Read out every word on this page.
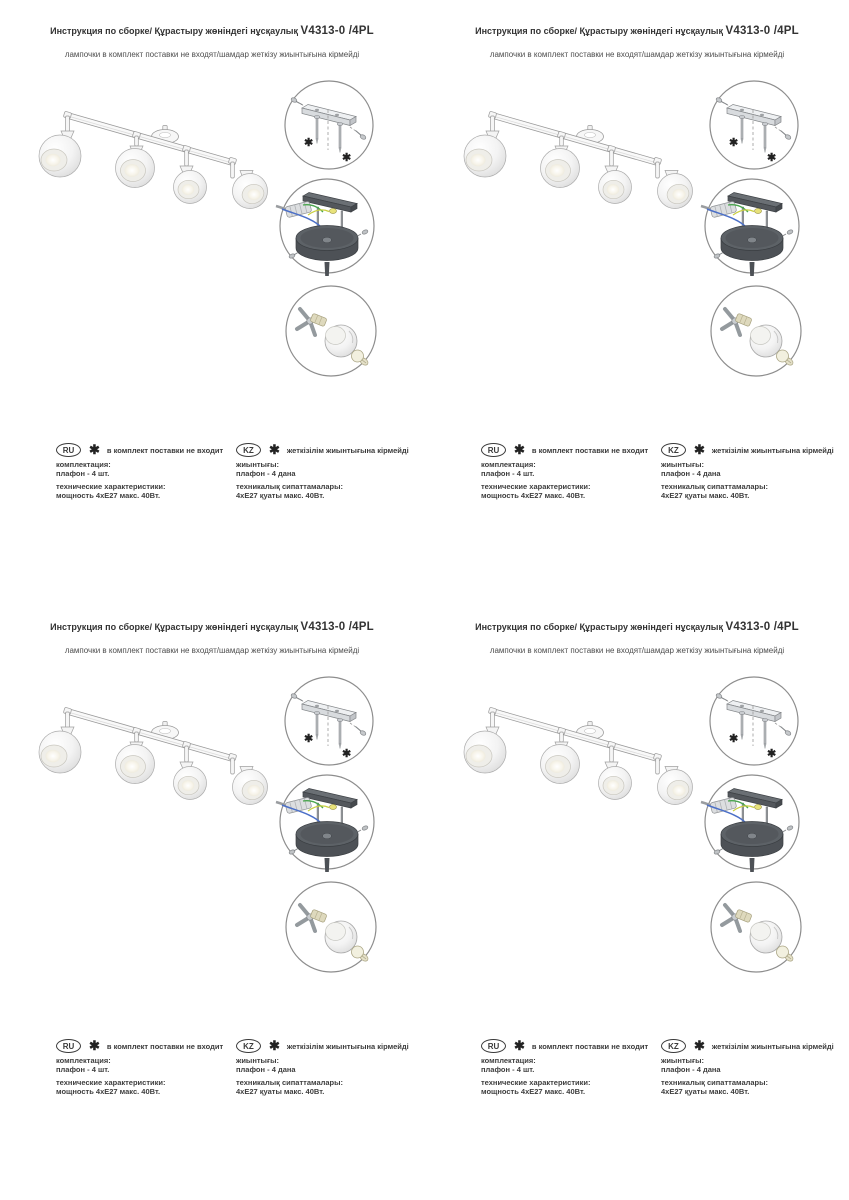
Инструкция по сборке/ Құрастыру жөніндегі нұсқаулық V4313-0 /4PL
лампочки в комплект поставки не входят/шамдар жеткізу жиынтығына кірмейді
✱
✱
RU	✱ в комплект поставки не входит	KZ	✱ жеткізілім жиынтығына кірмейді
комплектация:
плафон - 4 шт.
технические характеристики:
мощность 4хЕ27 макс. 40Вт.
жиынтығы:
плафон - 4 дана
техникалық сипаттамалары:
4хЕ27 қуаты макс. 40Вт.
Инструкция по сборке/ Құрастыру жөніндегі нұсқаулық V4313-0 /4PL
лампочки в комплект поставки не входят/шамдар жеткізу жиынтығына кірмейді
✱
✱
RU	✱ в комплект поставки не входит	KZ	✱ жеткізілім жиынтығына кірмейді
комплектация:
плафон - 4 шт.
технические характеристики:
мощность 4хЕ27 макс. 40Вт.
жиынтығы:
плафон - 4 дана
техникалық сипаттамалары:
4хЕ27 қуаты макс. 40Вт.
Инструкция по сборке/ Құрастыру жөніндегі нұсқаулық V4313-0 /4PL
лампочки в комплект поставки не входят/шамдар жеткізу жиынтығына кірмейді
✱
✱
RU	✱ в комплект поставки не входит	KZ	✱ жеткізілім жиынтығына кірмейді
комплектация:
плафон - 4 шт.
технические характеристики:
мощность 4хЕ27 макс. 40Вт.
жиынтығы:
плафон - 4 дана
техникалық сипаттамалары:
4хЕ27 қуаты макс. 40Вт.
Инструкция по сборке/ Құрастыру жөніндегі нұсқаулық V4313-0 /4PL
лампочки в комплект поставки не входят/шамдар жеткізу жиынтығына кірмейді
✱
✱
RU	✱ в комплект поставки не входит	KZ	✱ жеткізілім жиынтығына кірмейді
комплектация:
плафон - 4 шт.
технические характеристики:
мощность 4хЕ27 макс. 40Вт.
жиынтығы:
плафон - 4 дана
техникалық сипаттамалары:
4хЕ27 қуаты макс. 40Вт.
